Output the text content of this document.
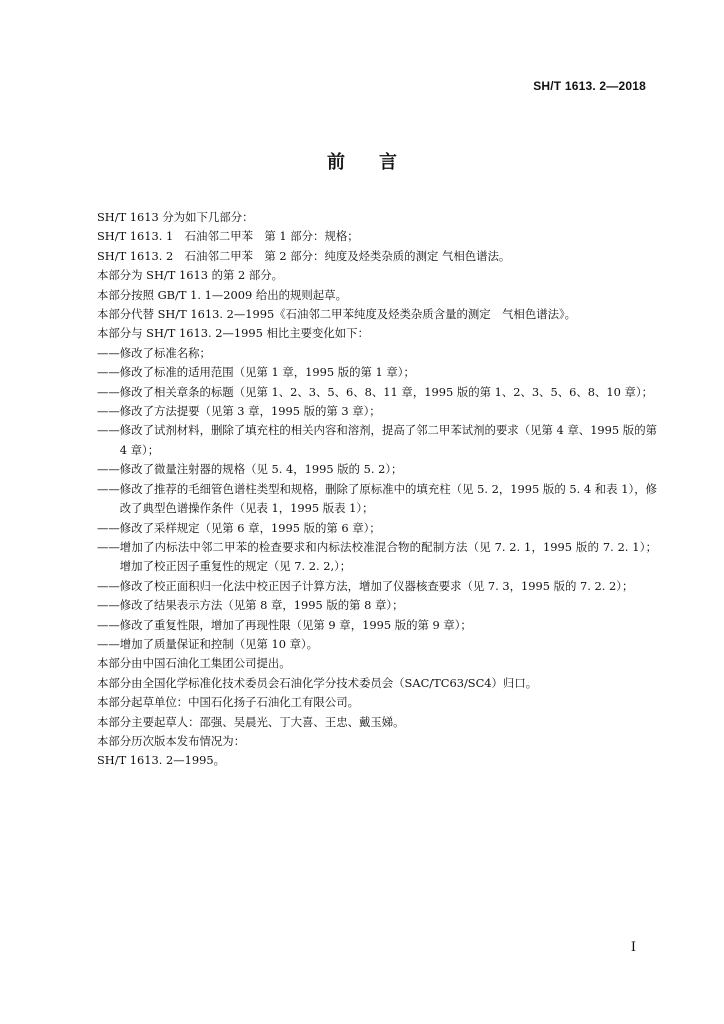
SH/T 1613. 2—2018
前言
SH/T 1613 分为如下几部分：
SH/T 1613. 1　石油邻二甲苯　第 1 部分：规格；
SH/T 1613. 2　石油邻二甲苯　第 2 部分：纯度及烃类杂质的测定 气相色谱法。
本部分为 SH/T 1613 的第 2 部分。
本部分按照 GB/T 1. 1—2009 给出的规则起草。
本部分代替 SH/T 1613. 2—1995《石油邻二甲苯纯度及烃类杂质含量的测定　气相色谱法》。
本部分与 SH/T 1613. 2—1995 相比主要变化如下：
—— 修改了标准名称；
—— 修改了标准的适用范围（见第 1 章，1995 版的第 1 章）；
—— 修改了相关章条的标题（见第 1、2、3、5、6、8、11 章，1995 版的第 1、2、3、5、6、8、10 章）；
—— 修改了方法提要（见第 3 章，1995 版的第 3 章）；
—— 修改了试剂材料，删除了填充柱的相关内容和溶剂，提高了邻二甲苯试剂的要求（见第 4 章、1995 版的第 4 章）；
—— 修改了微量注射器的规格（见 5. 4，1995 版的 5. 2）；
—— 修改了推荐的毛细管色谱柱类型和规格，删除了原标准中的填充柱（见 5. 2，1995 版的 5. 4 和表 1），修改了典型色谱操作条件（见表 1，1995 版表 1）；
—— 修改了采样规定（见第 6 章，1995 版的第 6 章）；
—— 增加了内标法中邻二甲苯的检查要求和内标法校准混合物的配制方法（见 7. 2. 1，1995 版的 7. 2. 1）；增加了校正因子重复性的规定（见 7. 2. 2,）；
—— 修改了校正面积归一化法中校正因子计算方法，增加了仪器核查要求（见 7. 3，1995 版的 7. 2. 2）；
—— 修改了结果表示方法（见第 8 章，1995 版的第 8 章）；
—— 修改了重复性限，增加了再现性限（见第 9 章，1995 版的第 9 章）；
—— 增加了质量保证和控制（见第 10 章）。
本部分由中国石油化工集团公司提出。
本部分由全国化学标准化技术委员会石油化学分技术委员会（SAC/TC63/SC4）归口。
本部分起草单位：中国石化扬子石油化工有限公司。
本部分主要起草人：邵强、吴晨光、丁大喜、王忠、戴玉娣。
本部分历次版本发布情况为：
SH/T 1613. 2—1995。
I
